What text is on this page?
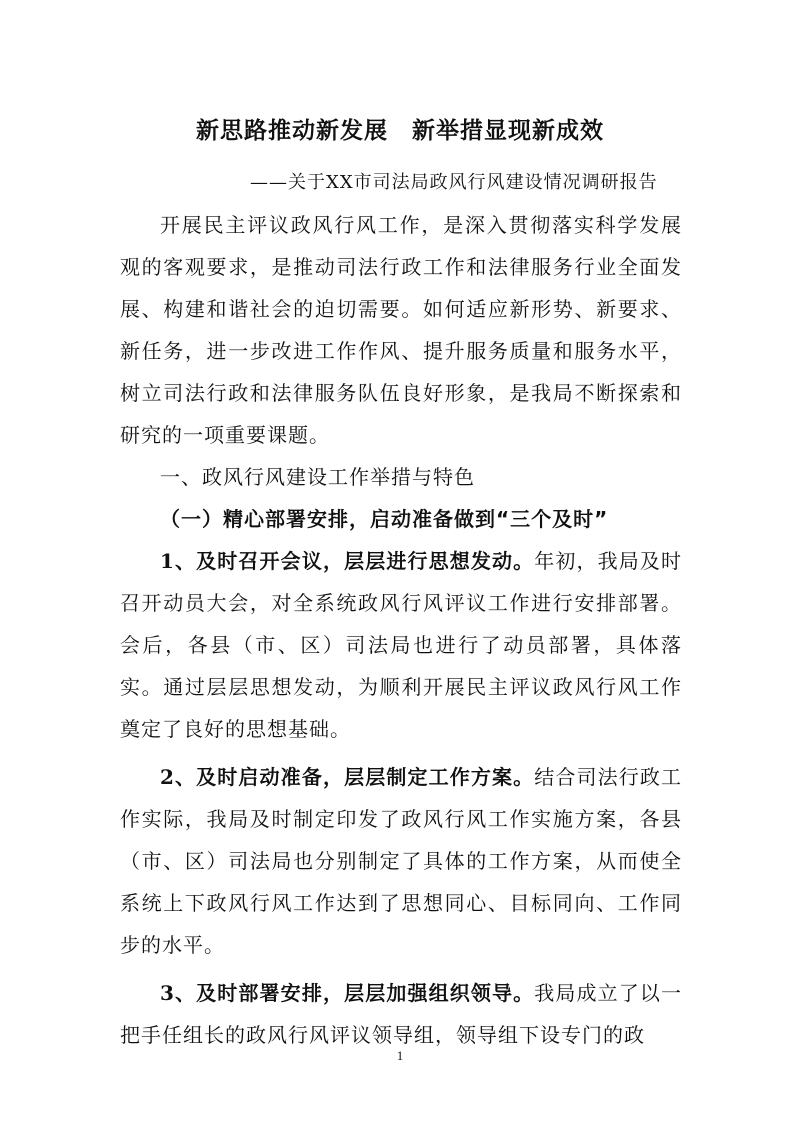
新思路推动新发展　新举措显现新成效

——关于XX市司法局政风行风建设情况调研报告

开展民主评议政风行风工作，是深入贯彻落实科学发展观的客观要求，是推动司法行政工作和法律服务行业全面发展、构建和谐社会的迫切需要。如何适应新形势、新要求、新任务，进一步改进工作作风、提升服务质量和服务水平，树立司法行政和法律服务队伍良好形象，是我局不断探索和研究的一项重要课题。

一、政风行风建设工作举措与特色

（一）精心部署安排，启动准备做到“三个及时”

1、及时召开会议，层层进行思想发动。年初，我局及时召开动员大会，对全系统政风行风评议工作进行安排部署。会后，各县（市、区）司法局也进行了动员部署，具体落实。通过层层思想发动，为顺利开展民主评议政风行风工作奠定了良好的思想基础。

2、及时启动准备，层层制定工作方案。结合司法行政工作实际，我局及时制定印发了政风行风工作实施方案，各县（市、区）司法局也分别制定了具体的工作方案，从而使全系统上下政风行风工作达到了思想同心、目标同向、工作同步的水平。

3、及时部署安排，层层加强组织领导。我局成立了以一把手任组长的政风行风评议领导组，领导组下设专门的政

1
